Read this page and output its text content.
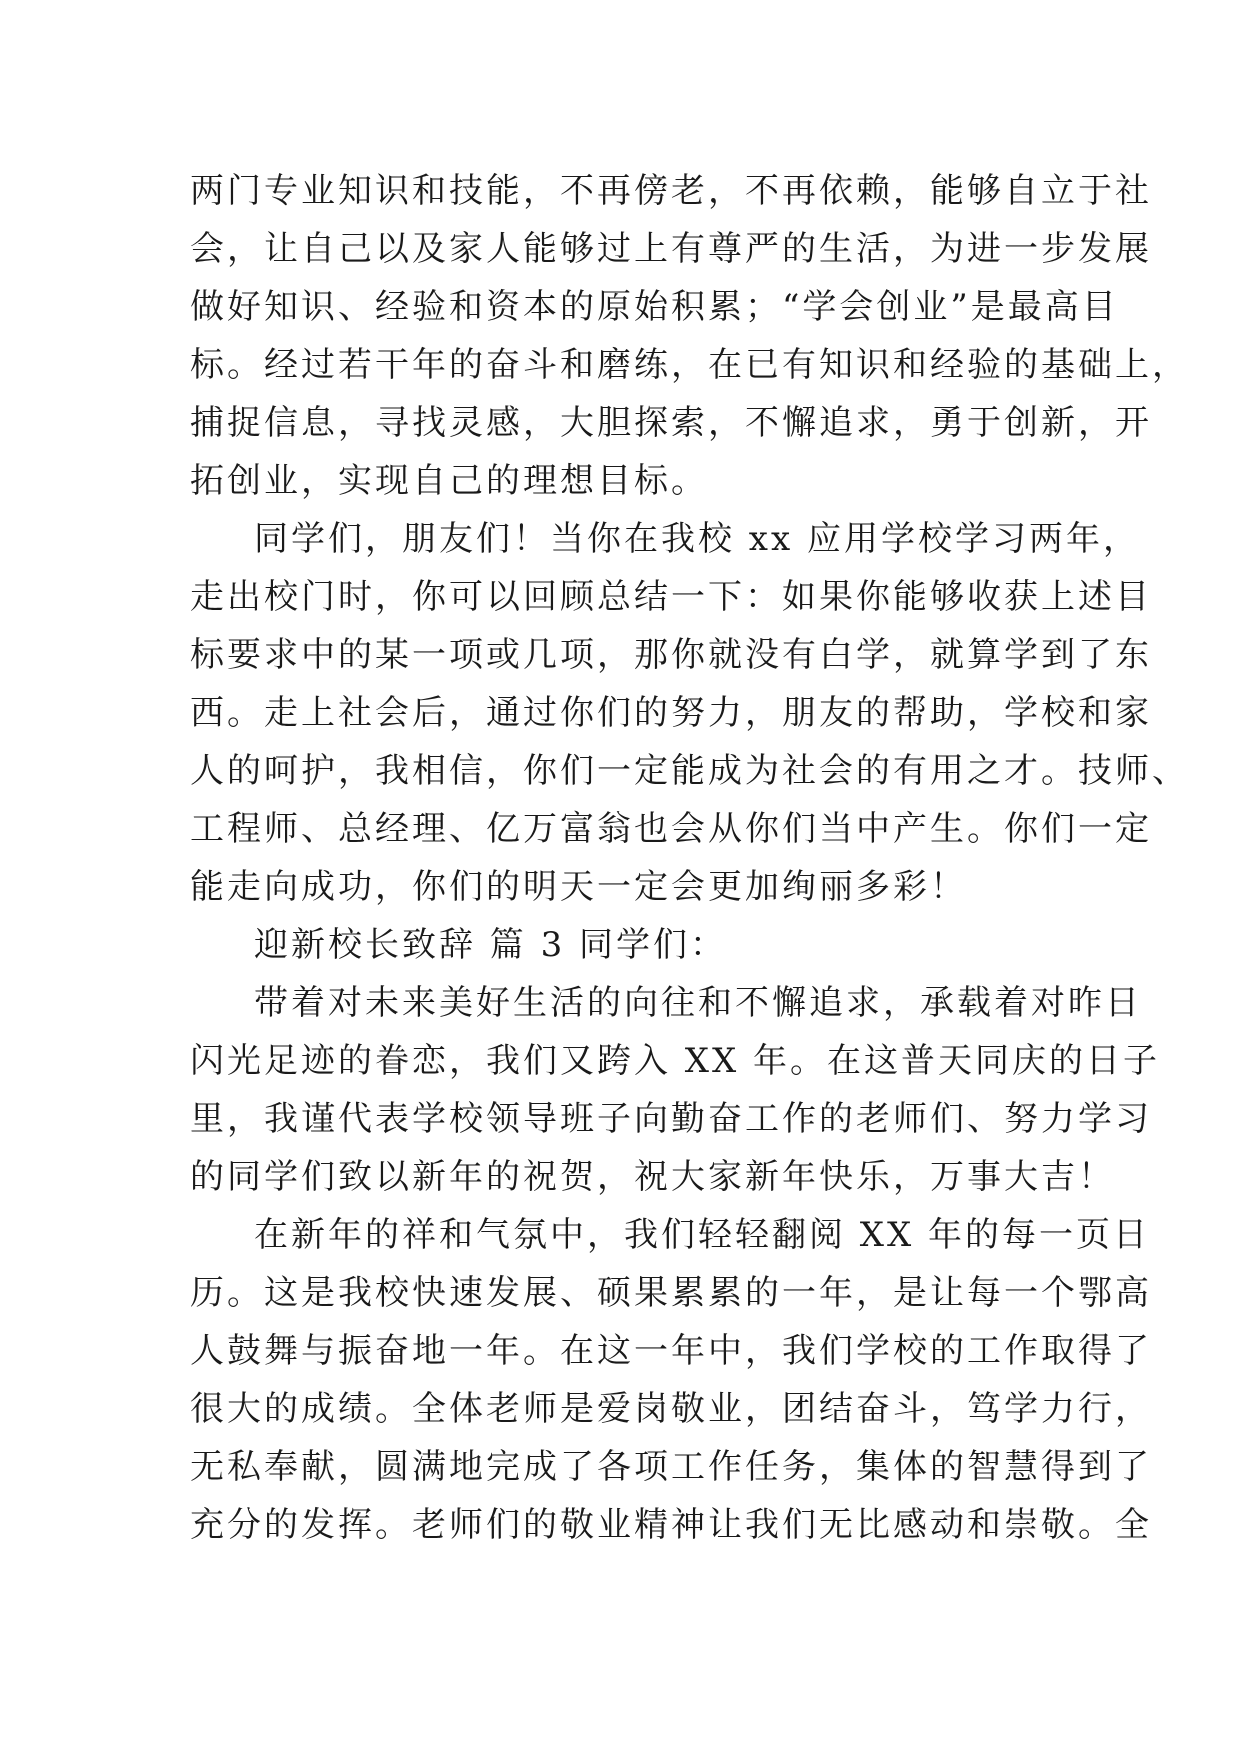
两门专业知识和技能，不再傍老，不再依赖，能够自立于社
会，让自己以及家人能够过上有尊严的生活，为进一步发展
做好知识、经验和资本的原始积累；“学会创业”是最高目
标。经过若干年的奋斗和磨练，在已有知识和经验的基础上，
捕捉信息，寻找灵感，大胆探索，不懈追求，勇于创新，开
拓创业，实现自己的理想目标。
同学们，朋友们！当你在我校 xx 应用学校学习两年，
走出校门时，你可以回顾总结一下：如果你能够收获上述目
标要求中的某一项或几项，那你就没有白学，就算学到了东
西。走上社会后，通过你们的努力，朋友的帮助，学校和家
人的呵护，我相信，你们一定能成为社会的有用之才。技师、
工程师、总经理、亿万富翁也会从你们当中产生。你们一定
能走向成功，你们的明天一定会更加绚丽多彩！
迎新校长致辞 篇 3 同学们：
带着对未来美好生活的向往和不懈追求，承载着对昨日
闪光足迹的眷恋，我们又跨入 XX 年。在这普天同庆的日子
里，我谨代表学校领导班子向勤奋工作的老师们、努力学习
的同学们致以新年的祝贺，祝大家新年快乐，万事大吉！
在新年的祥和气氛中，我们轻轻翻阅 XX 年的每一页日
历。这是我校快速发展、硕果累累的一年，是让每一个鄂高
人鼓舞与振奋地一年。在这一年中，我们学校的工作取得了
很大的成绩。全体老师是爱岗敬业，团结奋斗，笃学力行，
无私奉献，圆满地完成了各项工作任务，集体的智慧得到了
充分的发挥。老师们的敬业精神让我们无比感动和崇敬。全
